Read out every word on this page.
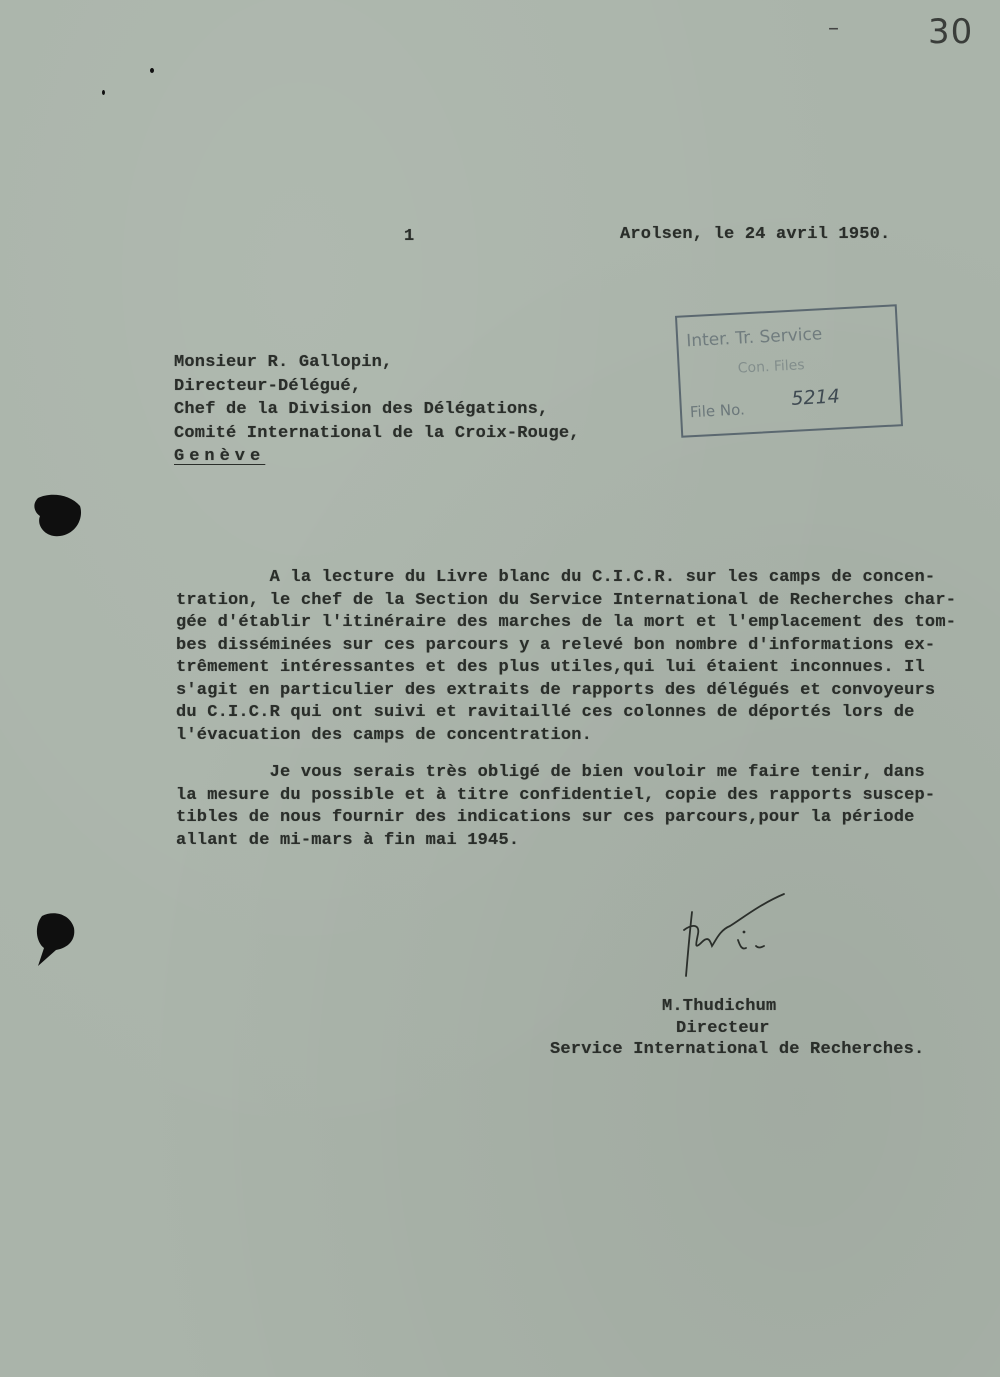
–	30
1	Arolsen, le 24 avril 1950.
Inter. Tr. Service
Con. Files
File No.
5214
Monsieur R. Gallopin,
Directeur-Délégué,
Chef de la Division des Délégations,
Comité International de la Croix-Rouge,
Genève
A la lecture du Livre blanc du C.I.C.R. sur les camps de concen-
tration, le chef de la Section du Service International de Recherches char-
gée d'établir l'itinéraire des marches de la mort et l'emplacement des tom-
bes disséminées sur ces parcours y a relevé bon nombre d'informations ex-
trêmement intéressantes et des plus utiles,qui lui étaient inconnues. Il
s'agit en particulier des extraits de rapports des délégués et convoyeurs
du C.I.C.R qui ont suivi et ravitaillé ces colonnes de déportés lors de
l'évacuation des camps de concentration.
Je vous serais très obligé de bien vouloir me faire tenir, dans
la mesure du possible et à titre confidentiel, copie des rapports suscep-
tibles de nous fournir des indications sur ces parcours,pour la période
allant de mi-mars à fin mai 1945.
M.Thudichum
Directeur
Service International de Recherches.
